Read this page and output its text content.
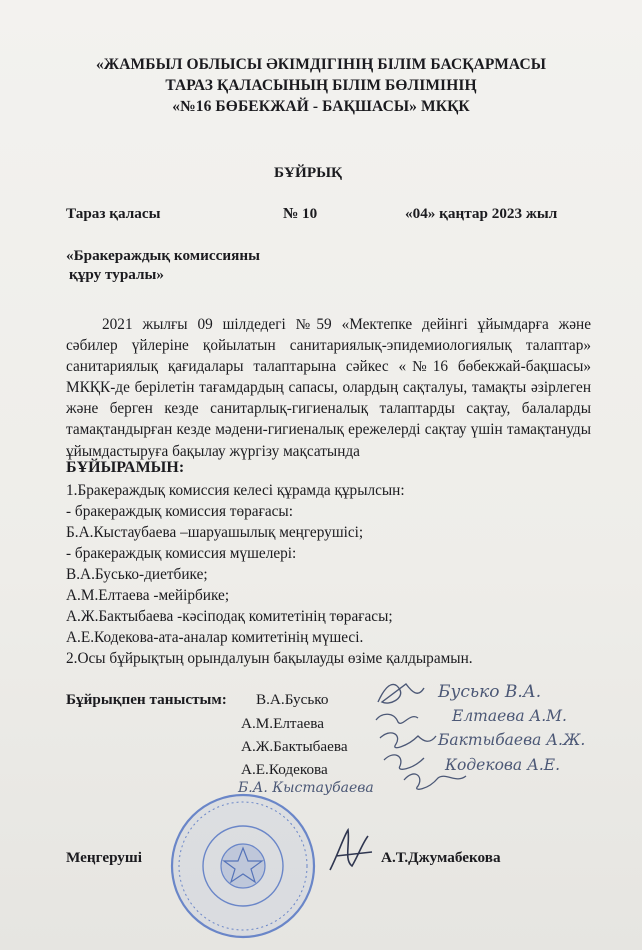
«ЖАМБЫЛ ОБЛЫСЫ ӘКІМДІГІНІҢ БІЛІМ БАСҚАРМАСЫ
ТАРАЗ ҚАЛАСЫНЫҢ БІЛІМ БӨЛІМІНІҢ
«№16 БӨБЕКЖАЙ - БАҚШАСЫ» МКҚК
БҰЙРЫҚ
Тараз қаласы	№ 10	«04» қаңтар 2023 жыл
«Бракераждық комиссияны
құру туралы»
2021 жылғы 09 шілдедегі №59 «Мектепке дейінгі ұйымдарға және сәбилер үйлеріне қойылатын санитариялық-эпидемиологиялық талаптар» санитариялық қағидалары талаптарына сәйкес «№16 бөбекжай-бақшасы» МКҚК-де берілетін тағамдардың сапасы, олардың сақталуы, тамақты әзірлеген және берген кезде санитарлық-гигиеналық талаптарды сақтау, балаларды тамақтандырған кезде мәдени-гигиеналық ережелерді сақтау үшін тамақтануды ұйымдастыруға бақылау жүргізу мақсатында
БҰЙЫРАМЫН:
1.Бракераждық комиссия келесі құрамда құрылсын:
- бракераждық комиссия төрағасы:
Б.А.Кыстаубаева –шаруашылық меңгерушісі;
- бракераждық комиссия мүшелері:
В.А.Бусько-диетбике;
А.М.Елтаева -мейірбике;
А.Ж.Бактыбаева -кәсіподақ комитетінің төрағасы;
А.Е.Кодекова-ата-аналар комитетінің мүшесі.
2.Осы бұйрықтың орындалуын бақылауды өзіме қалдырамын.
Бұйрықпен таныстым: В.А.Бусько
А.М.Елтаева
А.Ж.Бактыбаева
А.Е.Кодекова
Бусько В.А.
Елтаева А.М.
Бактыбаева А.Ж.
Кодекова А.Е.
Б.А. Кыстаубаева
Меңгеруші	А.Т.Джумабекова
